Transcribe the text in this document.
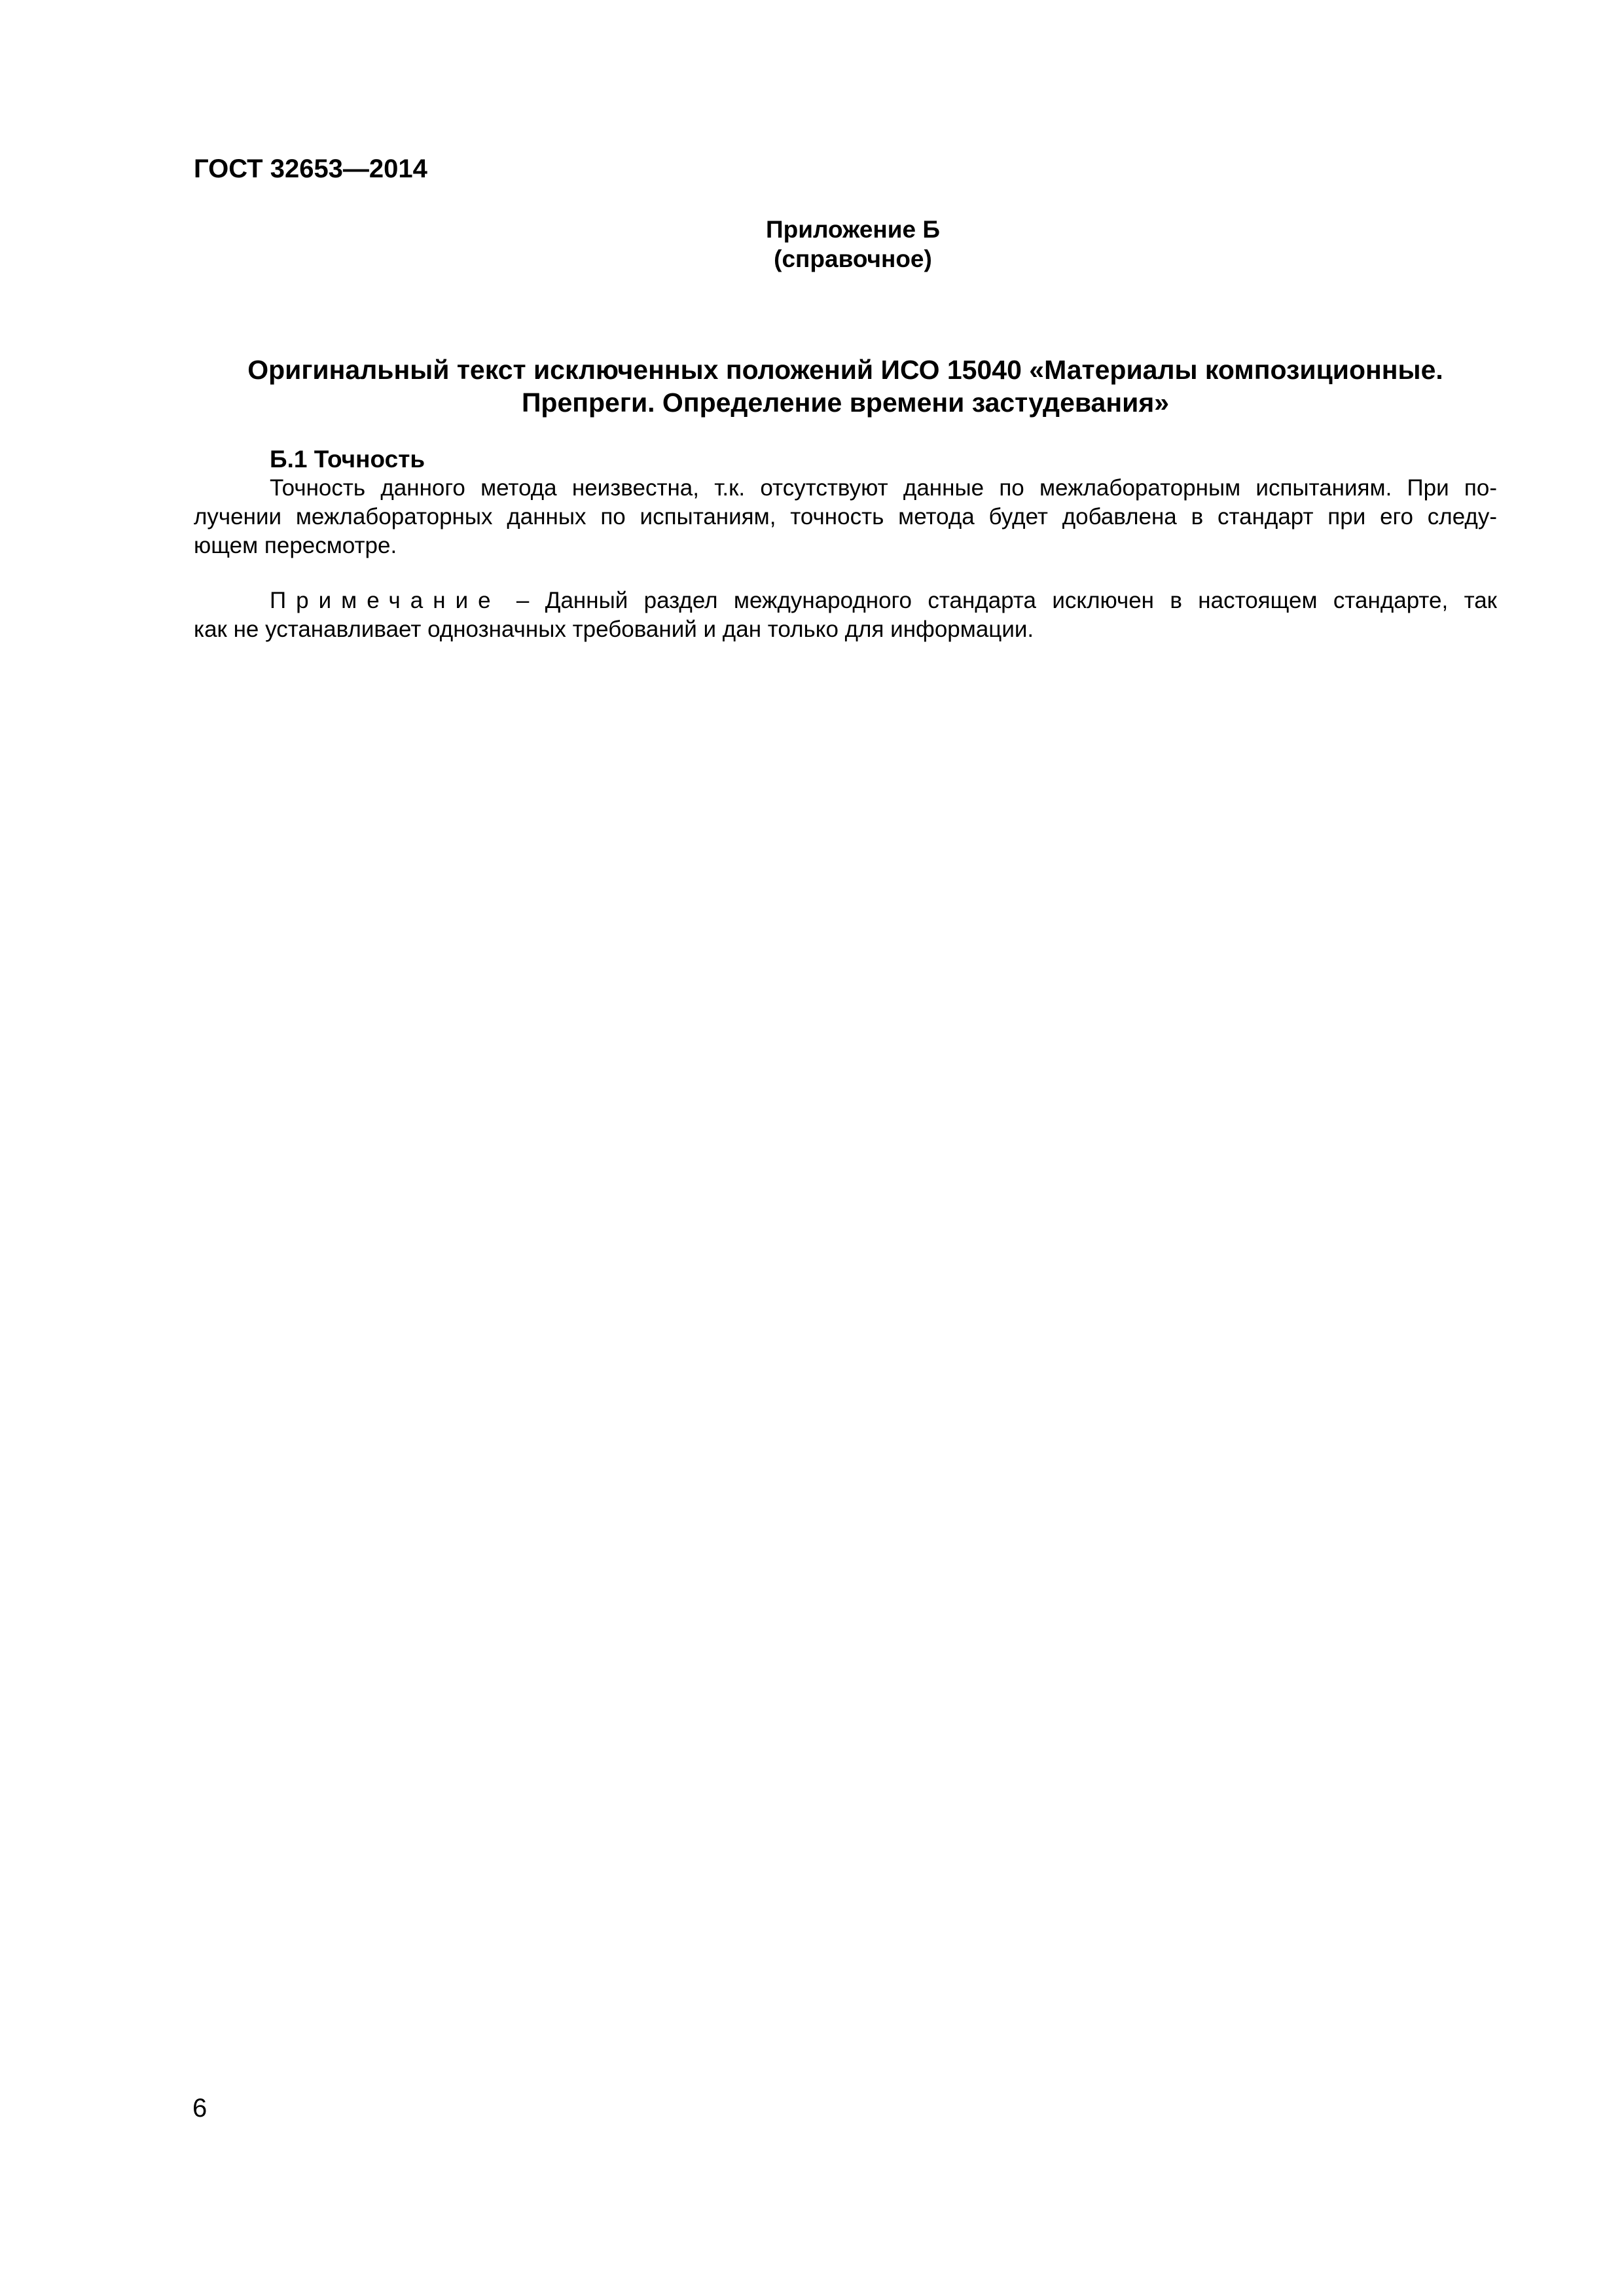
ГОСТ 32653—2014
Приложение Б
(справочное)
Оригинальный текст исключенных положений ИСО 15040 «Материалы композиционные.
Препреги. Определение времени застудевания»
Б.1 Точность
Точность данного метода неизвестна, т.к. отсутствуют данные по межлабораторным испытаниям. При по-
лучении межлабораторных данных по испытаниям, точность метода будет добавлена в стандарт при его следу-
ющем пересмотре.
Примечание – Данный раздел международного стандарта исключен в настоящем стандарте, так
как не устанавливает однозначных требований и дан только для информации.
6
